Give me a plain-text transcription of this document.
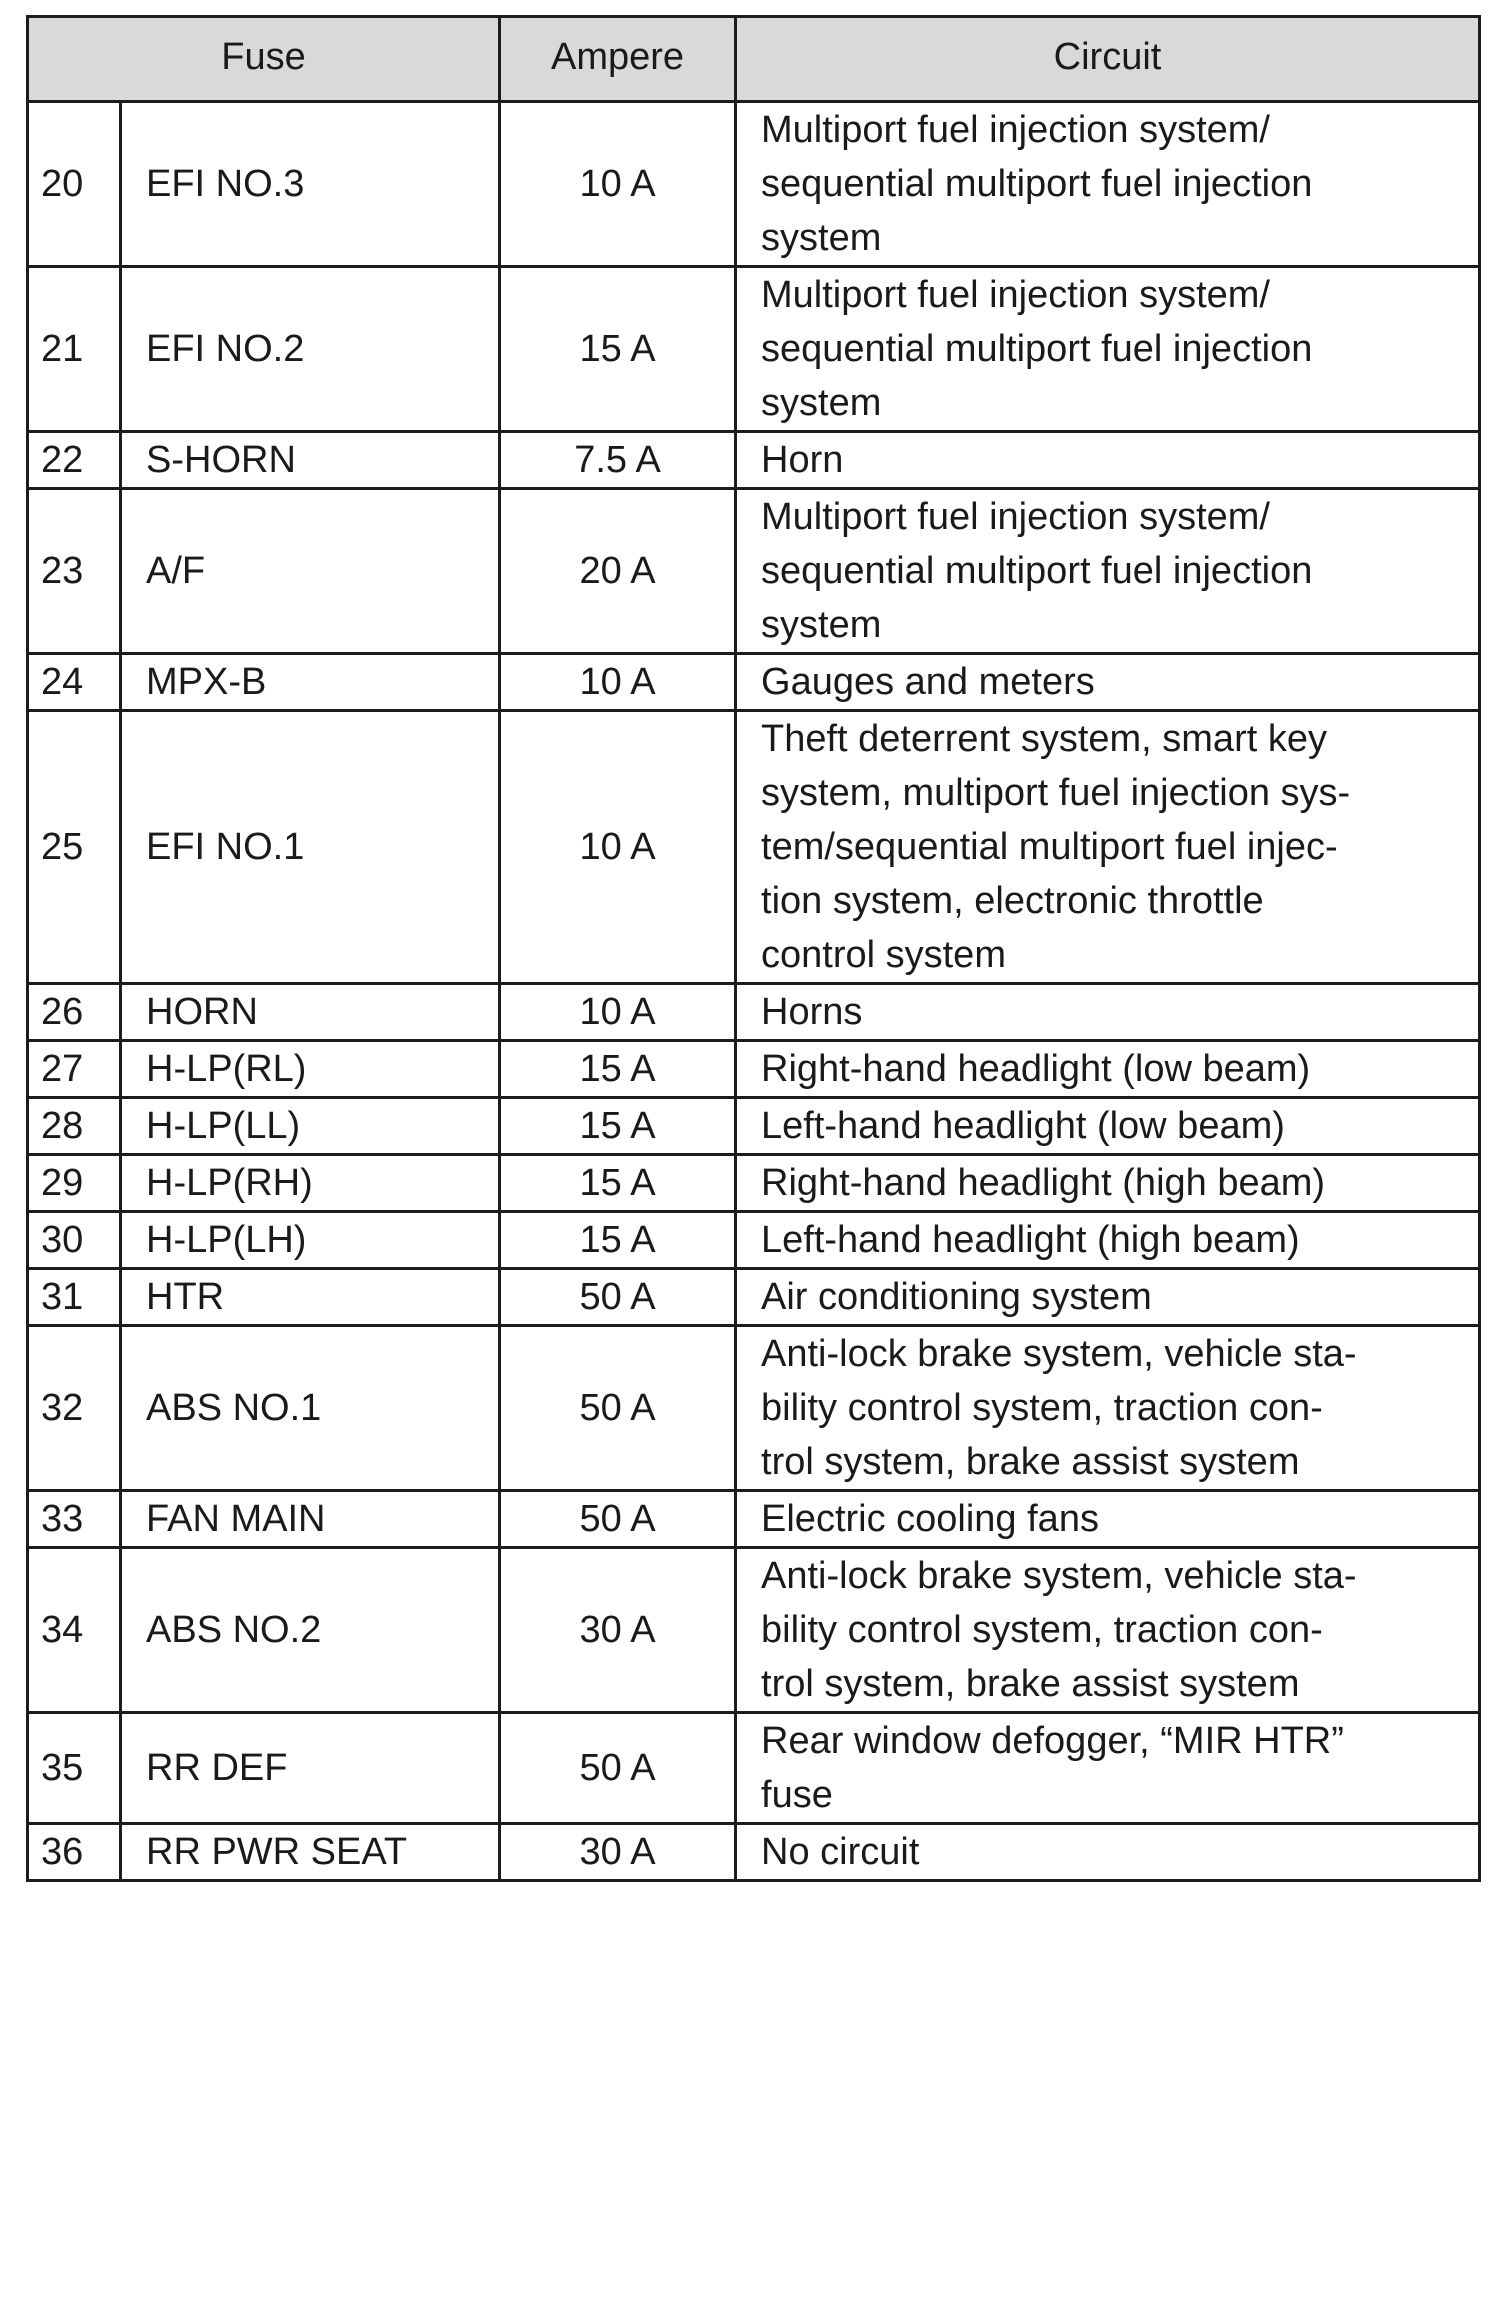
Fuse		Ampere	Circuit
20	EFI NO.3	10 A	Multiport fuel injection system/
sequential multiport fuel injection
system
21	EFI NO.2	15 A	Multiport fuel injection system/
sequential multiport fuel injection
system
22	S-HORN	7.5 A	Horn
23	A/F	20 A	Multiport fuel injection system/
sequential multiport fuel injection
system
24	MPX-B	10 A	Gauges and meters
25	EFI NO.1	10 A	Theft deterrent system, smart key
system, multiport fuel injection sys-
tem/sequential multiport fuel injec-
tion system, electronic throttle
control system
26	HORN	10 A	Horns
27	H-LP(RL)	15 A	Right-hand headlight (low beam)
28	H-LP(LL)	15 A	Left-hand headlight (low beam)
29	H-LP(RH)	15 A	Right-hand headlight (high beam)
30	H-LP(LH)	15 A	Left-hand headlight (high beam)
31	HTR	50 A	Air conditioning system
32	ABS NO.1	50 A	Anti-lock brake system, vehicle sta-
bility control system, traction con-
trol system, brake assist system
33	FAN MAIN	50 A	Electric cooling fans
34	ABS NO.2	30 A	Anti-lock brake system, vehicle sta-
bility control system, traction con-
trol system, brake assist system
35	RR DEF	50 A	Rear window defogger, “MIR HTR”
fuse
36	RR PWR SEAT	30 A	No circuit
